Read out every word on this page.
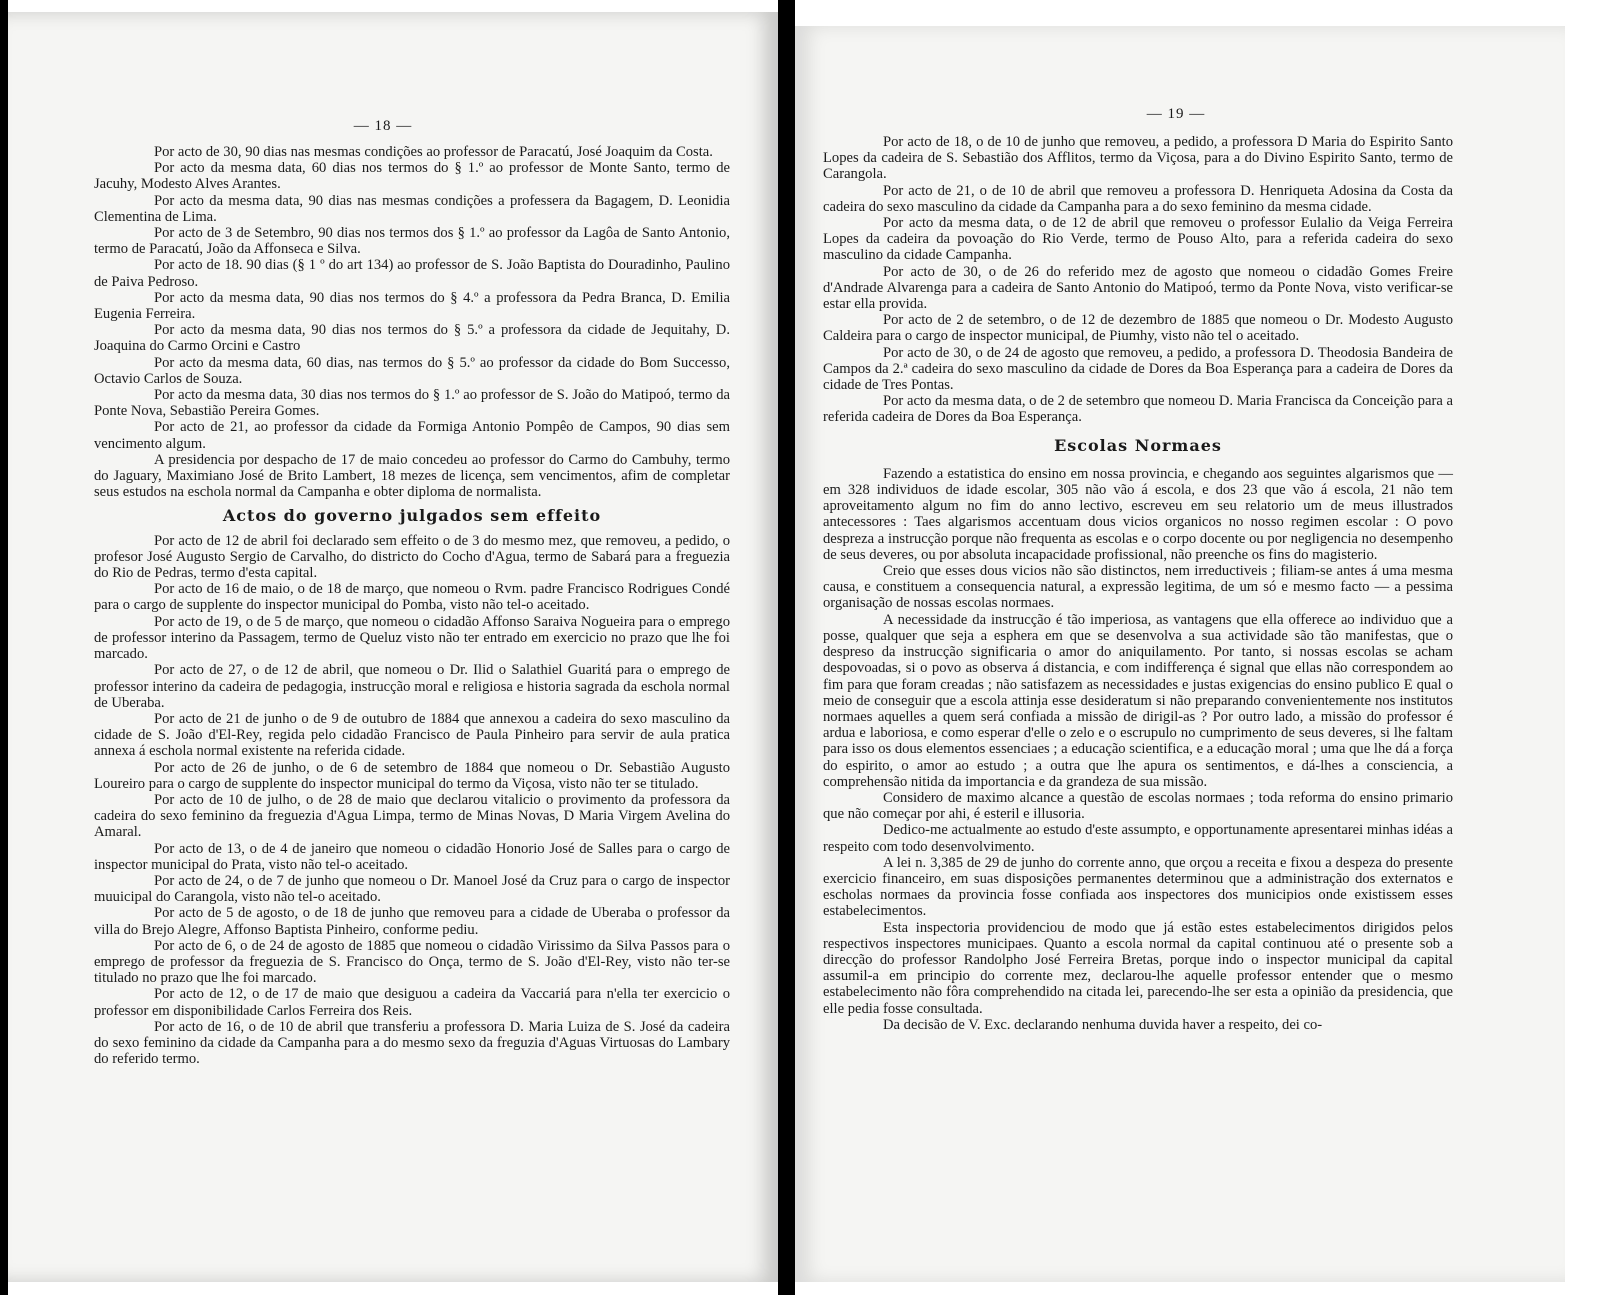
— 18 —

Por acto de 30, 90 dias nas mesmas condições ao professor de Paracatú, José Joaquim da Costa.

Por acto da mesma data, 60 dias nos termos do § 1.º ao professor de Monte Santo, termo de Jacuhy, Modesto Alves Arantes.

Por acto da mesma data, 90 dias nas mesmas condições a professera da Bagagem, D. Leonidia Clementina de Lima.

Por acto de 3 de Setembro, 90 dias nos termos dos § 1.º ao professor da Lagôa de Santo Antonio, termo de Paracatú, João da Affonseca e Silva.

Por acto de 18. 90 dias (§ 1 º do art 134) ao professor de S. João Baptista do Douradinho, Paulino de Paiva Pedroso.

Por acto da mesma data, 90 dias nos termos do § 4.º a professora da Pedra Branca, D. Emilia Eugenia Ferreira.

Por acto da mesma data, 90 dias nos termos do § 5.º a professora da cidade de Jequitahy, D. Joaquina do Carmo Orcini e Castro

Por acto da mesma data, 60 dias, nas termos do § 5.º ao professor da cidade do Bom Successo, Octavio Carlos de Souza.

Por acto da mesma data, 30 dias nos termos do § 1.º ao professor de S. João do Matipoó, termo da Ponte Nova, Sebastião Pereira Gomes.

Por acto de 21, ao professor da cidade da Formiga Antonio Pompêo de Campos, 90 dias sem vencimento algum.

A presidencia por despacho de 17 de maio concedeu ao professor do Carmo do Cambuhy, termo do Jaguary, Maximiano José de Brito Lambert, 18 mezes de licença, sem vencimentos, afim de completar seus estudos na eschola normal da Campanha e obter diploma de normalista.

Actos do governo julgados sem effeito

Por acto de 12 de abril foi declarado sem effeito o de 3 do mesmo mez, que removeu, a pedido, o profesor José Augusto Sergio de Carvalho, do districto do Cocho d'Agua, termo de Sabará para a freguezia do Rio de Pedras, termo d'esta capital.

Por acto de 16 de maio, o de 18 de março, que nomeou o Rvm. padre Francisco Rodrigues Condé para o cargo de supplente do inspector municipal do Pomba, visto não tel-o aceitado.

Por acto de 19, o de 5 de março, que nomeou o cidadão Affonso Saraiva Nogueira para o emprego de professor interino da Passagem, termo de Queluz visto não ter entrado em exercicio no prazo que lhe foi marcado.

Por acto de 27, o de 12 de abril, que nomeou o Dr. Ilid o Salathiel Guaritá para o emprego de professor interino da cadeira de pedagogia, instrucção moral e religiosa e historia sagrada da eschola normal de Uberaba.

Por acto de 21 de junho o de 9 de outubro de 1884 que annexou a cadeira do sexo masculino da cidade de S. João d'El-Rey, regida pelo cidadão Francisco de Paula Pinheiro para servir de aula pratica annexa á eschola normal existente na referida cidade.

Por acto de 26 de junho, o de 6 de setembro de 1884 que nomeou o Dr. Sebastião Augusto Loureiro para o cargo de supplente do inspector municipal do termo da Viçosa, visto não ter se titulado.

Por acto de 10 de julho, o de 28 de maio que declarou vitalicio o provimento da professora da cadeira do sexo feminino da freguezia d'Agua Limpa, termo de Minas Novas, D Maria Virgem Avelina do Amaral.

Por acto de 13, o de 4 de janeiro que nomeou o cidadão Honorio José de Salles para o cargo de inspector municipal do Prata, visto não tel-o aceitado.

Por acto de 24, o de 7 de junho que nomeou o Dr. Manoel José da Cruz para o cargo de inspector muuicipal do Carangola, visto não tel-o aceitado.

Por acto de 5 de agosto, o de 18 de junho que removeu para a cidade de Uberaba o professor da villa do Brejo Alegre, Affonso Baptista Pinheiro, conforme pediu.

Por acto de 6, o de 24 de agosto de 1885 que nomeou o cidadão Virissimo da Silva Passos para o emprego de professor da freguezia de S. Francisco do Onça, termo de S. João d'El-Rey, visto não ter-se titulado no prazo que lhe foi marcado.

Por acto de 12, o de 17 de maio que desiguou a cadeira da Vaccariá para n'ella ter exercicio o professor em disponibilidade Carlos Ferreira dos Reis.

Por acto de 16, o de 10 de abril que transferiu a professora D. Maria Luiza de S. José da cadeira do sexo feminino da cidade da Campanha para a do mesmo sexo da freguzia d'Aguas Virtuosas do Lambary do referido termo.

— 19 —

Por acto de 18, o de 10 de junho que removeu, a pedido, a professora D Maria do Espirito Santo Lopes da cadeira de S. Sebastião dos Afflitos, termo da Viçosa, para a do Divino Espirito Santo, termo de Carangola.

Por acto de 21, o de 10 de abril que removeu a professora D. Henriqueta Adosina da Costa da cadeira do sexo masculino da cidade da Campanha para a do sexo feminino da mesma cidade.

Por acto da mesma data, o de 12 de abril que removeu o professor Eulalio da Veiga Ferreira Lopes da cadeira da povoação do Rio Verde, termo de Pouso Alto, para a referida cadeira do sexo masculino da cidade Campanha.

Por acto de 30, o de 26 do referido mez de agosto que nomeou o cidadão Gomes Freire d'Andrade Alvarenga para a cadeira de Santo Antonio do Matipoó, termo da Ponte Nova, visto verificar-se estar ella provida.

Por acto de 2 de setembro, o de 12 de dezembro de 1885 que nomeou o Dr. Modesto Augusto Caldeira para o cargo de inspector municipal, de Piumhy, visto não tel o aceitado.

Por acto de 30, o de 24 de agosto que removeu, a pedido, a professora D. Theodosia Bandeira de Campos da 2.ª cadeira do sexo masculino da cidade de Dores da Boa Esperança para a cadeira de Dores da cidade de Tres Pontas.

Por acto da mesma data, o de 2 de setembro que nomeou D. Maria Francisca da Conceição para a referida cadeira de Dores da Boa Esperança.

Escolas Normaes

Fazendo a estatistica do ensino em nossa provincia, e chegando aos seguintes algarismos que — em 328 individuos de idade escolar, 305 não vão á escola, e dos 23 que vão á escola, 21 não tem aproveitamento algum no fim do anno lectivo, escreveu em seu relatorio um de meus illustrados antecessores : Taes algarismos accentuam dous vicios organicos no nosso regimen escolar : O povo despreza a instrucção porque não frequenta as escolas e o corpo docente ou por negligencia no desempenho de seus deveres, ou por absoluta incapacidade profissional, não preenche os fins do magisterio.

Creio que esses dous vicios não são distinctos, nem irreductiveis ; filiam-se antes á uma mesma causa, e constituem a consequencia natural, a expressão legitima, de um só e mesmo facto — a pessima organisação de nossas escolas normaes.

A necessidade da instrucção é tão imperiosa, as vantagens que ella offerece ao individuo que a posse, qualquer que seja a esphera em que se desenvolva a sua actividade são tão manifestas, que o despreso da instrucção significaria o amor do aniquilamento. Por tanto, si nossas escolas se acham despovoadas, si o povo as observa á distancia, e com indifferença é signal que ellas não correspondem ao fim para que foram creadas ; não satisfazem as necessidades e justas exigencias do ensino publico E qual o meio de conseguir que a escola attinja esse desideratum si não preparando convenientemente nos institutos normaes aquelles a quem será confiada a missão de dirigil-as ? Por outro lado, a missão do professor é ardua e laboriosa, e como esperar d'elle o zelo e o escrupulo no cumprimento de seus deveres, si lhe faltam para isso os dous elementos essenciaes ; a educação scientifica, e a educação moral ; uma que lhe dá a força do espirito, o amor ao estudo ; a outra que lhe apura os sentimentos, e dá-lhes a consciencia, a comprehensão nitida da importancia e da grandeza de sua missão.

Considero de maximo alcance a questão de escolas normaes ; toda reforma do ensino primario que não começar por ahi, é esteril e illusoria.

Dedico-me actualmente ao estudo d'este assumpto, e opportunamente apresentarei minhas idéas a respeito com todo desenvolvimento.

A lei n. 3,385 de 29 de junho do corrente anno, que orçou a receita e fixou a despeza do presente exercicio financeiro, em suas disposições permanentes determinou que a administração dos externatos e escholas normaes da provincia fosse confiada aos inspectores dos municipios onde existissem esses estabelecimentos.

Esta inspectoria providenciou de modo que já estão estes estabelecimentos dirigidos pelos respectivos inspectores municipaes. Quanto a escola normal da capital continuou até o presente sob a direcção do professor Randolpho José Ferreira Bretas, porque indo o inspector municipal da capital assumil-a em principio do corrente mez, declarou-lhe aquelle professor entender que o mesmo estabelecimento não fôra comprehendido na citada lei, parecendo-lhe ser esta a opinião da presidencia, que elle pedia fosse consultada.

Da decisão de V. Exc. declarando nenhuma duvida haver a respeito, dei co-
